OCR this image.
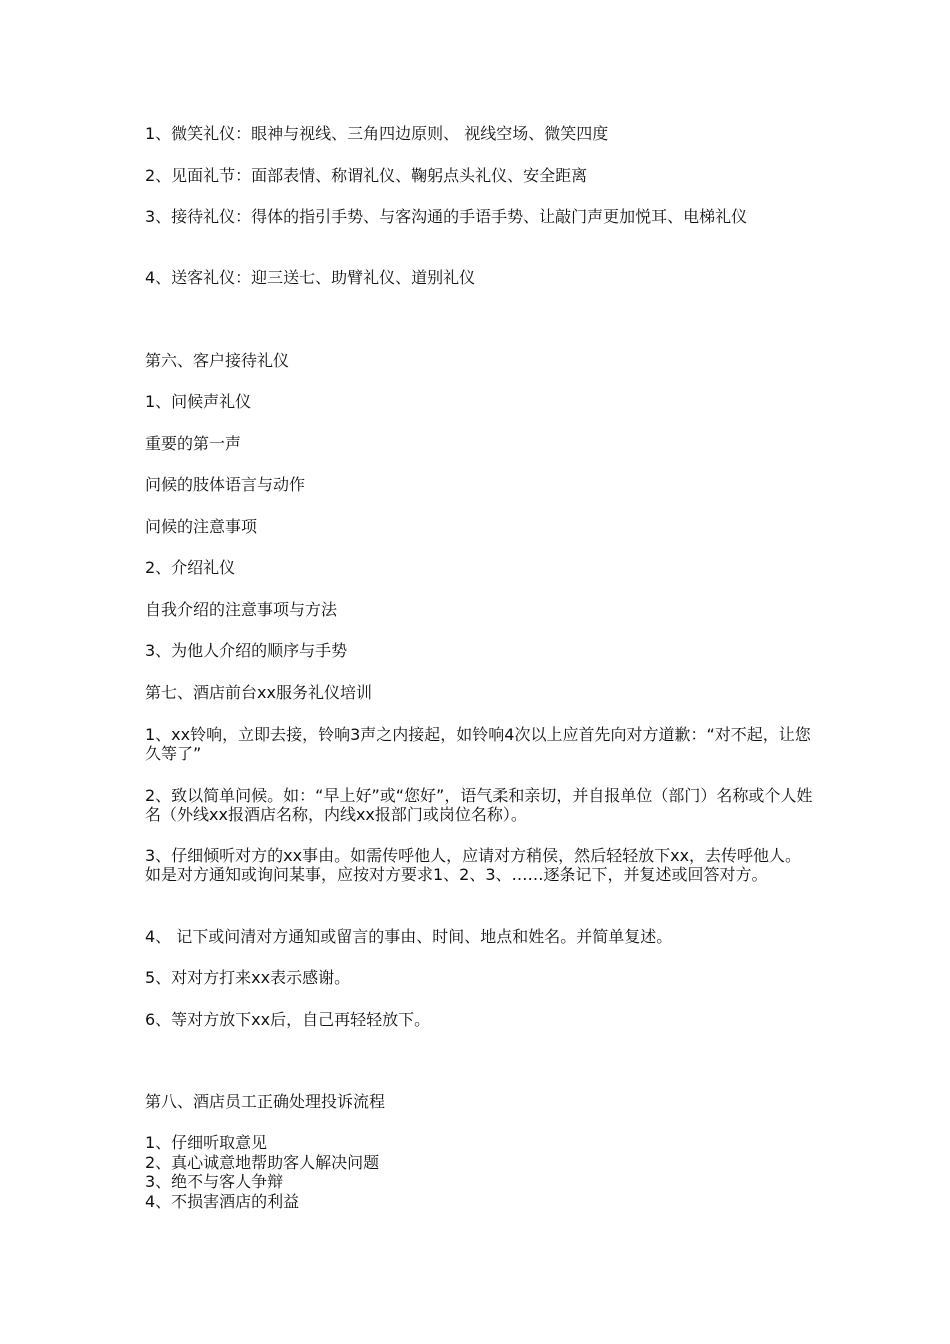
1、微笑礼仪：眼神与视线、三角四边原则、 视线空场、微笑四度
2、见面礼节：面部表情、称谓礼仪、鞠躬点头礼仪、安全距离
3、接待礼仪：得体的指引手势、与客沟通的手语手势、让敲门声更加悦耳、电梯礼仪
4、送客礼仪：迎三送七、助臂礼仪、道别礼仪
第六、客户接待礼仪
1、问候声礼仪
重要的第一声
问候的肢体语言与动作
问候的注意事项
2、介绍礼仪
自我介绍的注意事项与方法
3、为他人介绍的顺序与手势
第七、酒店前台xx服务礼仪培训
1、xx铃响，立即去接，铃响3声之内接起，如铃响4次以上应首先向对方道歉：“对不起，让您久等了”
2、致以简单问候。如：“早上好”或“您好”，语气柔和亲切，并自报单位（部门）名称或个人姓名（外线xx报酒店名称，内线xx报部门或岗位名称）。
3、仔细倾听对方的xx事由。如需传呼他人，应请对方稍侯，然后轻轻放下xx，去传呼他人。如是对方通知或询问某事，应按对方要求1、2、3、……逐条记下，并复述或回答对方。
4、 记下或问清对方通知或留言的事由、时间、地点和姓名。并简单复述。
5、对对方打来xx表示感谢。
6、等对方放下xx后，自己再轻轻放下。
第八、酒店员工正确处理投诉流程
1、仔细听取意见
2、真心诚意地帮助客人解决问题
3、绝不与客人争辩
4、不损害酒店的利益
